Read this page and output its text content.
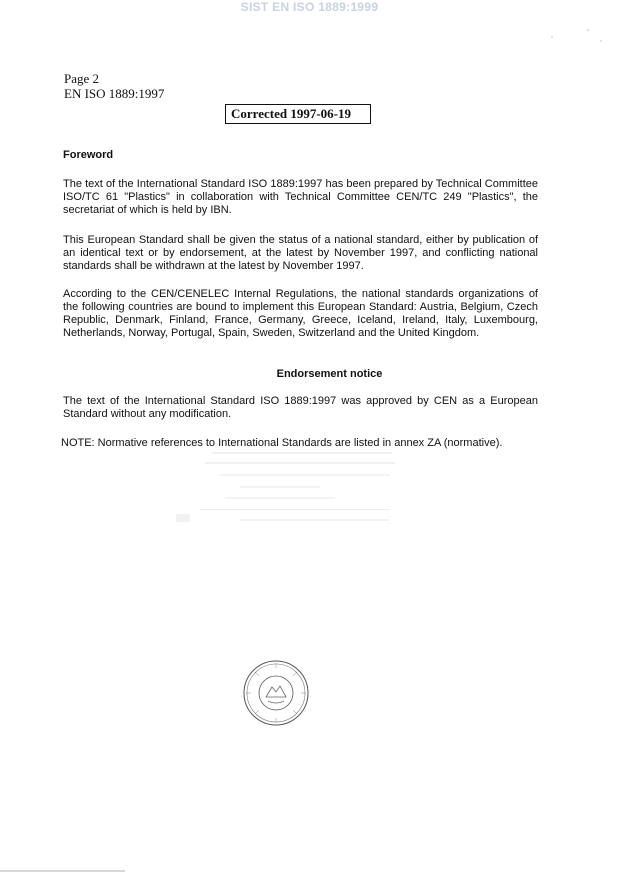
SIST EN ISO 1889:1999
Page 2
EN ISO 1889:1997
Corrected 1997-06-19
Foreword
The text of the International Standard ISO 1889:1997 has been prepared by Technical Committee ISO/TC 61 "Plastics" in collaboration with Technical Committee CEN/TC 249 "Plastics", the secretariat of which is held by IBN.
This European Standard shall be given the status of a national standard, either by publication of an identical text or by endorsement, at the latest by November 1997, and conflicting national standards shall be withdrawn at the latest by November 1997.
According to the CEN/CENELEC Internal Regulations, the national standards organizations of the following countries are bound to implement this European Standard: Austria, Belgium, Czech Republic, Denmark, Finland, France, Germany, Greece, Iceland, Ireland, Italy, Luxembourg, Netherlands, Norway, Portugal, Spain, Sweden, Switzerland and the United Kingdom.
Endorsement notice
The text of the International Standard ISO 1889:1997 was approved by CEN as a European Standard without any modification.
NOTE: Normative references to International Standards are listed in annex ZA (normative).
